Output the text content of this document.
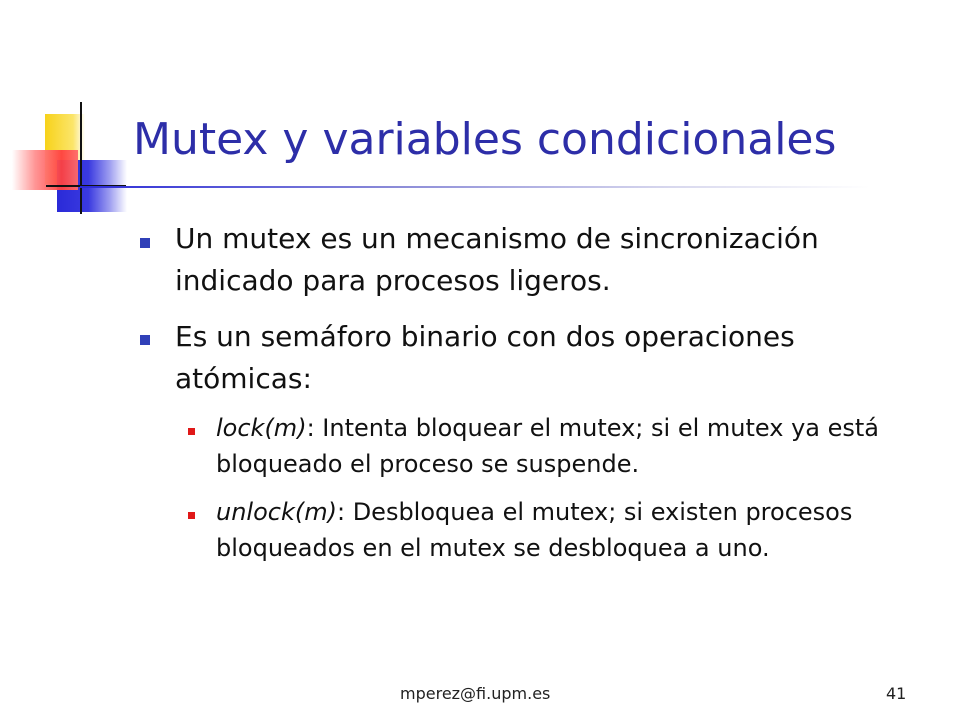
Mutex y variables condicionales
Un mutex es un mecanismo de sincronización indicado para procesos ligeros.
Es un semáforo binario con dos operaciones atómicas:
lock(m): Intenta bloquear el mutex; si el mutex ya está bloqueado el proceso se suspende.
unlock(m): Desbloquea el mutex; si existen procesos bloqueados en el mutex se desbloquea a uno.
mperez@fi.upm.es	41
